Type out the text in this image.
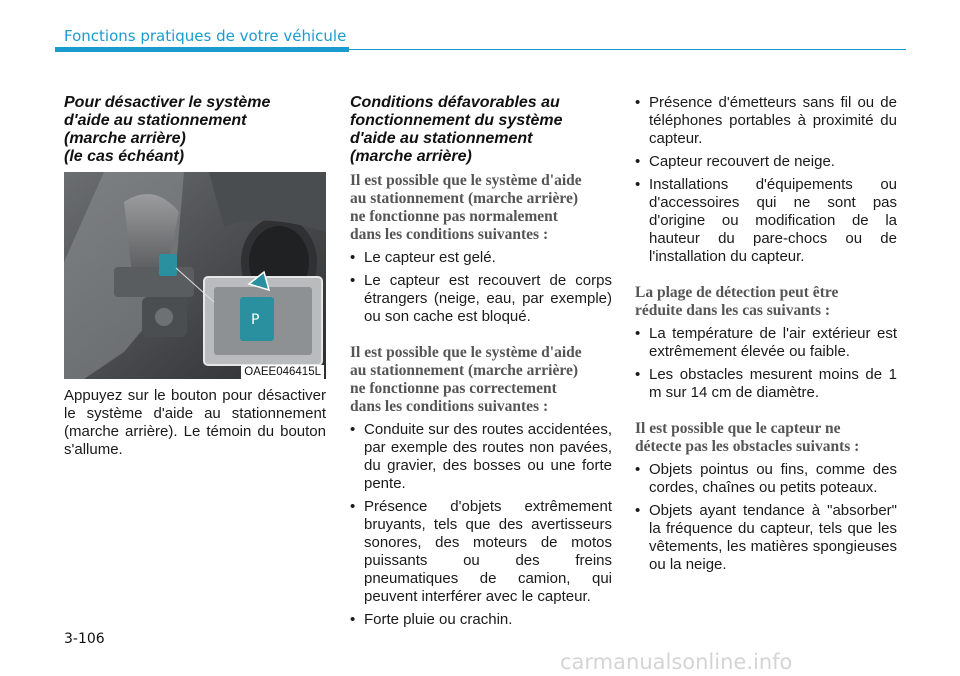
Fonctions pratiques de votre véhicule
Pour désactiver le système
d'aide au stationnement
(marche arrière)
(le cas échéant)
P
OAEE046415L

Appuyez sur le bouton pour désactiver le système d'aide au stationnement (marche arrière). Le témoin du bouton s'allume.

Conditions défavorables au
fonctionnement du système
d'aide au stationnement
(marche arrière)
Il est possible que le système d'aide
au stationnement (marche arrière)
ne fonctionne pas normalement
dans les conditions suivantes :
• Le capteur est gelé.
• Le capteur est recouvert de corps étrangers (neige, eau, par exemple) ou son cache est bloqué.
Il est possible que le système d'aide
au stationnement (marche arrière)
ne fonctionne pas correctement
dans les conditions suivantes :
• Conduite sur des routes accidentées, par exemple des routes non pavées, du gravier, des bosses ou une forte pente.
• Présence d'objets extrêmement bruyants, tels que des avertisseurs sonores, des moteurs de motos puissants ou des freins pneumatiques de camion, qui peuvent interférer avec le capteur.
• Forte pluie ou crachin.
• Présence d'émetteurs sans fil ou de téléphones portables à proximité du capteur.
• Capteur recouvert de neige.
• Installations d'équipements ou d'accessoires qui ne sont pas d'origine ou modification de la hauteur du pare-chocs ou de l'installation du capteur.
La plage de détection peut être
réduite dans les cas suivants :
• La température de l'air extérieur est extrêmement élevée ou faible.
• Les obstacles mesurent moins de 1 m sur 14 cm de diamètre.
Il est possible que le capteur ne
détecte pas les obstacles suivants :
• Objets pointus ou fins, comme des cordes, chaînes ou petits poteaux.
• Objets ayant tendance à "absorber" la fréquence du capteur, tels que les vêtements, les matières spongieuses ou la neige.
3-106
carmanualsonline.info
